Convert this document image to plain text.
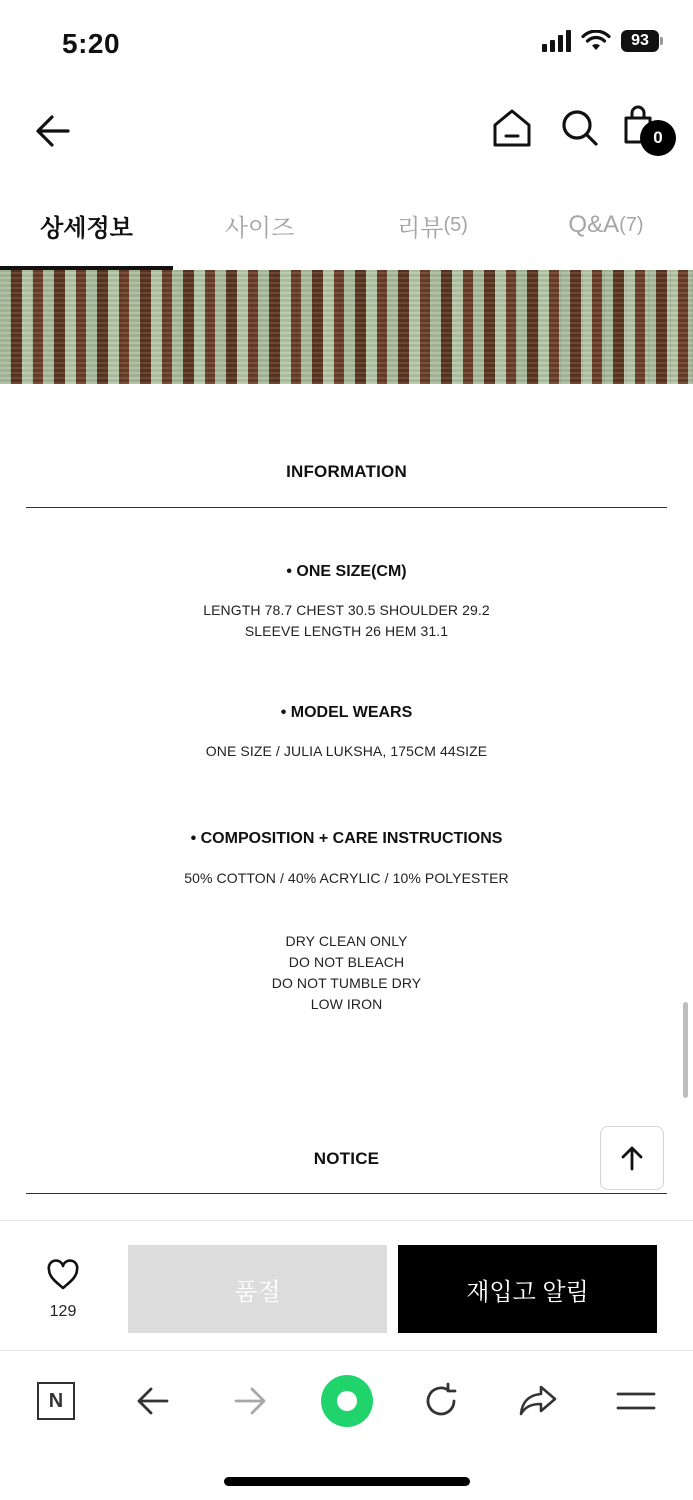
5:20	93
0
상세정보	사이즈	리뷰 (5)	Q&A (7)
INFORMATION
• ONE SIZE(CM)
LENGTH 78.7 CHEST 30.5 SHOULDER 29.2
SLEEVE LENGTH 26 HEM 31.1
• MODEL WEARS
ONE SIZE / JULIA LUKSHA, 175CM 44SIZE
• COMPOSITION + CARE INSTRUCTIONS
50% COTTON / 40% ACRYLIC / 10% POLYESTER
DRY CLEAN ONLY
DO NOT BLEACH
DO NOT TUMBLE DRY
LOW IRON
NOTICE
129
품절	재입고 알림
N
